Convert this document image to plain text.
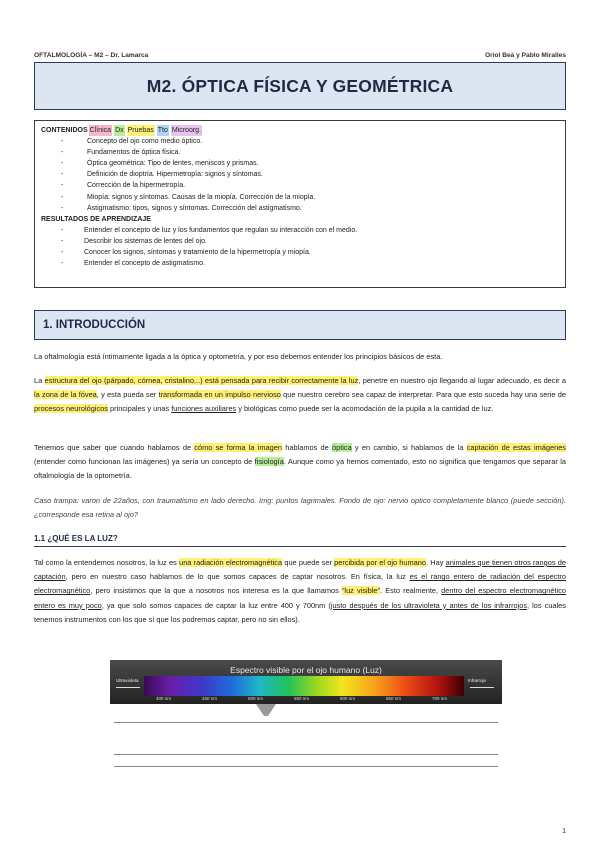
OFTALMOLOGÍA – M2 – Dr. Lamarca	Oriol Beà y Pablo Miralles
M2. ÓPTICA FÍSICA Y GEOMÉTRICA
CONTENIDOS Clínica Dx Pruebas Tto Microorg.
- Concepto del ojo como medio óptico.
- Fundamentos de óptica física.
- Óptica geométrica: Tipo de lentes, meniscos y prismas.
- Definición de dioptría. Hipermetropía: signos y síntomas.
- Corrección de la hipermetropía.
- Miopía: signos y síntomas. Causas de la miopía. Corrección de la miopía.
- Astigmatismo: tipos, signos y síntomas. Corrección del astigmatismo.
RESULTADOS DE APRENDIZAJE
- Entender el concepto de luz y los fundamentos que regulan su interacción con el medio.
- Describir los sistemas de lentes del ojo.
- Conocer los signos, síntomas y tratamiento de la hipermetropía y miopía.
- Entender el concepto de astigmatismo.
1. INTRODUCCIÓN

La oftalmología está íntimamente ligada a la óptica y optometría, y por eso debemos entender los principios básicos de esta.

La estructura del ojo (párpado, córnea, cristalino...) está pensada para recibir correctamente la luz, penetre en nuestro ojo llegando al lugar adecuado, es decir a la zona de la fóvea, y esta pueda ser transformada en un impulso nervioso que nuestro cerebro sea capaz de interpretar. Para que esto suceda hay una serie de procesos neurológicos principales y unas funciones auxiliares y biológicas como puede ser la acomodación de la pupila a la cantidad de luz.

Tenemos que saber que cuando hablamos de cómo se forma la imagen hablamos de óptica y en cambio, si hablamos de la captación de estas imágenes (entender como funcionan las imágenes) ya sería un concepto de fisiología. Aunque como ya hemos comentado, esto no significa que tengamos que separar la oftalmología de la optometría.

Caso trampa: varon de 22años, con traumatismo en lado derecho. Img: puntos lagrimales. Fondo de ojo: nervio optico completamente blanco (puede sección). ¿corresponde esa retina al ojo?

1.1 ¿QUÉ ES LA LUZ?

Tal como la entendemos nosotros, la luz es una radiación electromagnética que puede ser percibida por el ojo humano. Hay animales que tienen otros rangos de captación, pero en nuestro caso hablamos de lo que somos capaces de captar nosotros. En física, la luz es el rango entero de radiación del espectro electromagnético, pero insistimos que la que a nosotros nos interesa es la que llamamos “luz visible”. Esto realmente, dentro del espectro electromagnético entero es muy poco, ya que solo somos capaces de captar la luz entre 400 y 700nm (justo después de los ultravioleta y antes de los infrarrojos, los cuales tenemos instrumentos con los que sí que los podremos captar, pero no sin ellos).

Espectro visible por el ojo humano (Luz)
Ultravioleta	Infrarrojo
400 nm	450 nm	500 nm	550 nm	600 nm	650 nm	700 nm
1
